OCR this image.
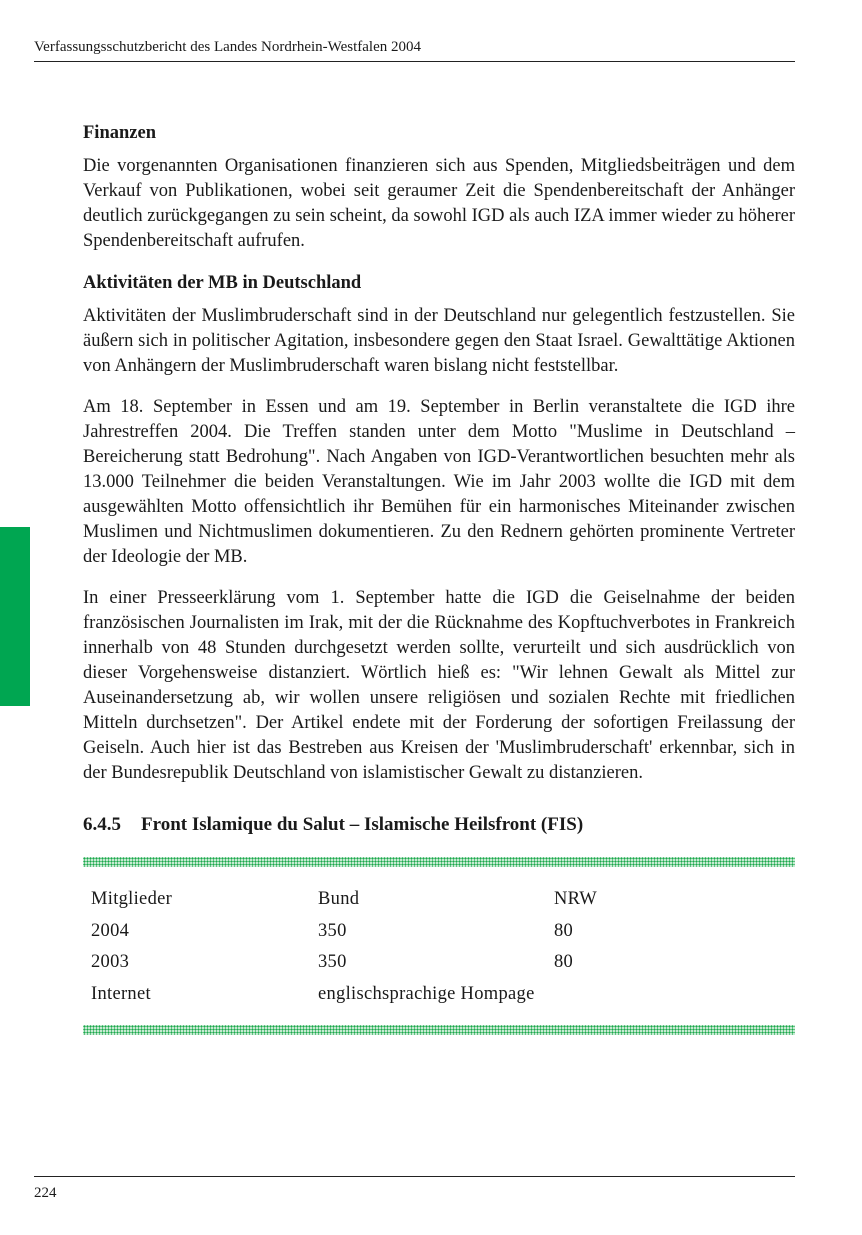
Verfassungsschutzbericht des Landes Nordrhein-Westfalen 2004
Finanzen

Die vorgenannten Organisationen finanzieren sich aus Spenden, Mitgliedsbeiträgen und dem Verkauf von Publikationen, wobei seit geraumer Zeit die Spendenbereitschaft der Anhänger deutlich zurückgegangen zu sein scheint, da sowohl IGD als auch IZA immer wieder zu höherer Spendenbereitschaft aufrufen.

Aktivitäten der MB in Deutschland

Aktivitäten der Muslimbruderschaft sind in der Deutschland nur gelegentlich festzustellen. Sie äußern sich in politischer Agitation, insbesondere gegen den Staat Israel. Gewalttätige Aktionen von Anhängern der Muslimbruderschaft waren bislang nicht feststellbar.

Am 18. September in Essen und am 19. September in Berlin veranstaltete die IGD ihre Jahrestreffen 2004. Die Treffen standen unter dem Motto "Muslime in Deutschland – Bereicherung statt Bedrohung". Nach Angaben von IGD-Verantwortlichen besuchten mehr als 13.000 Teilnehmer die beiden Veranstaltungen. Wie im Jahr 2003 wollte die IGD mit dem ausgewählten Motto offensichtlich ihr Bemühen für ein harmonisches Miteinander zwischen Muslimen und Nichtmuslimen dokumentieren. Zu den Rednern gehörten prominente Vertreter der Ideologie der MB.

In einer Presseerklärung vom 1. September hatte die IGD die Geiselnahme der beiden französischen Journalisten im Irak, mit der die Rücknahme des Kopftuchverbotes in Frankreich innerhalb von 48 Stunden durchgesetzt werden sollte, verurteilt und sich ausdrücklich von dieser Vorgehensweise distanziert. Wörtlich hieß es: "Wir lehnen Gewalt als Mittel zur Auseinandersetzung ab, wir wollen unsere religiösen und sozialen Rechte mit friedlichen Mitteln durchsetzen". Der Artikel endete mit der Forderung der sofortigen Freilassung der Geiseln. Auch hier ist das Bestreben aus Kreisen der 'Muslimbruderschaft' erkennbar, sich in der Bundesrepublik Deutschland von islamistischer Gewalt zu distanzieren.

6.4.5 Front Islamique du Salut – Islamische Heilsfront (FIS)
Mitglieder	Bund	NRW
2004	350	80
2003	350	80
Internet	englischsprachige Hompage	
224
